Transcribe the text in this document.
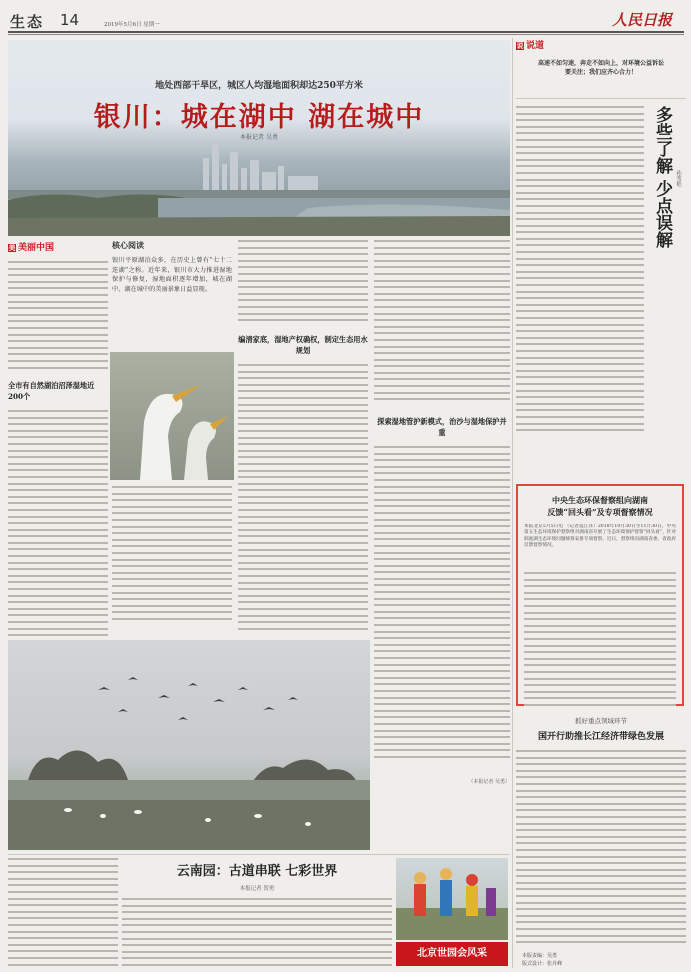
生态 14	2019年5月6日 星期一	人民日报
地处西部干旱区，城区人均湿地面积却达250平方米
银川：城在湖中 湖在城中
本报记者 吴勇
美 美丽中国
全市有自然湖泊沼泽湿地近200个
核心阅读
银川平原湖泊众多，在历史上曾有“七十二连湖”之称。近年来，银川市大力推进湿地保护与修复，湿地面积逐年增加，城在湖中、湖在城中的美丽景象日益显现。
编清家底，湿地产权确权，制定生态用水规划
探索湿地管护新模式，治沙与湿地保护并重
（本报记者 吴勇）
说 说道
高速不如匀速，奔走不如向上，对环境公益诉讼要关注；我们应齐心合力！
多些了解 少点误解 孙秀艳
中央生态环保督察组向湖南
反馈“回头看”及专项督察情况
本报北京5月5日电 （记者寇江泽）2018年10月30日至11月30日，中央第五生态环境保护督察组对湖南省开展了生态环境保护督察“回头看”，针对洞庭湖生态环境问题统筹安排专项督察。近日，督察组向湖南省委、省政府反馈督察情况。
抓好重点领域环节
国开行助推长江经济带绿色发展
本版责编：吴勇
版式设计：张丹峰
云南园：古道串联 七彩世界
本报记者 贺勇
北京世园会风采
